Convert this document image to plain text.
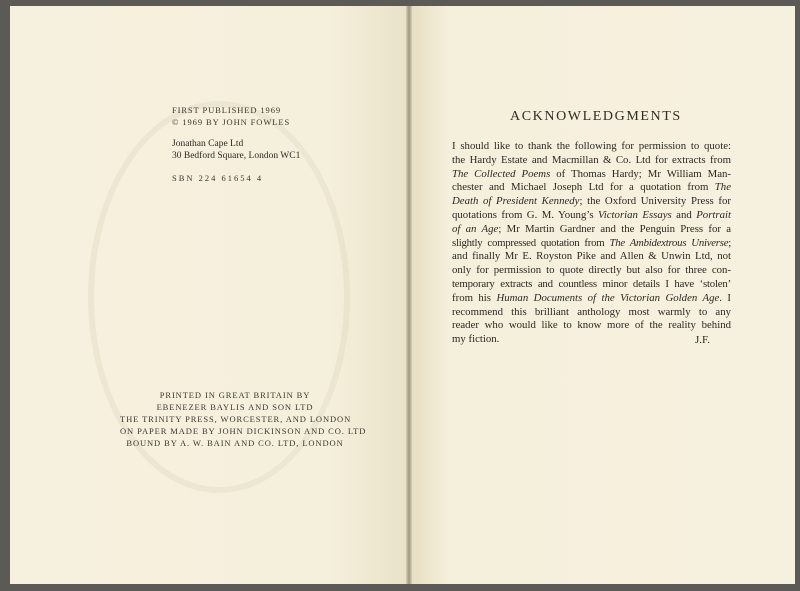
FIRST PUBLISHED 1969
© 1969 BY JOHN FOWLES
Jonathan Cape Ltd
30 Bedford Square, London WC1
SBN 224 61654 4
PRINTED IN GREAT BRITAIN BY
EBENEZER BAYLIS AND SON LTD
THE TRINITY PRESS, WORCESTER, AND LONDON
ON PAPER MADE BY JOHN DICKINSON AND CO. LTD
BOUND BY A. W. BAIN AND CO. LTD, LONDON
ACKNOWLEDGMENTS
I should like to thank the following for permission to quote:
the Hardy Estate and Macmillan & Co. Ltd for extracts from
The Collected Poems of Thomas Hardy; Mr William Man-
chester and Michael Joseph Ltd for a quotation from The
Death of President Kennedy; the Oxford University Press for
quotations from G. M. Young’s Victorian Essays and Portrait
of an Age; Mr Martin Gardner and the Penguin Press for a
slightly compressed quotation from The Ambidextrous Universe;
and finally Mr E. Royston Pike and Allen & Unwin Ltd, not
only for permission to quote directly but also for three con-
temporary extracts and countless minor details I have ‘stolen’
from his Human Documents of the Victorian Golden Age. I
recommend this brilliant anthology most warmly to any
reader who would like to know more of the reality behind
my fiction.	J.F.
